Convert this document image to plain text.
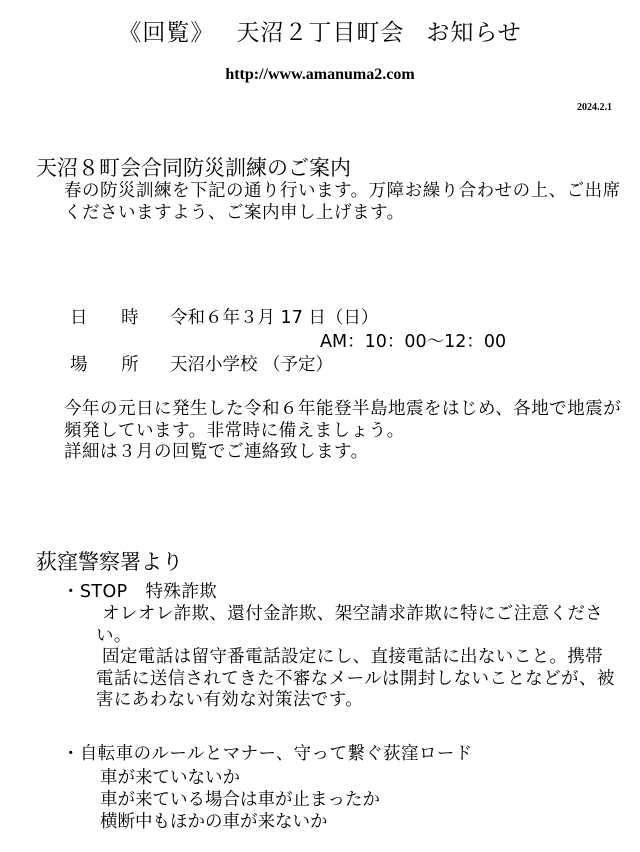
《回覧》 天沼２丁目町会 お知らせ
http://www.amanuma2.com
2024.2.1
天沼８町会合同防災訓練のご案内
春の防災訓練を下記の通り行います。万障お繰り合わせの上、ご出席くださいますよう、ご案内申し上げます。
日 時 令和６年３月 17 日（日）
AM：10：00～12：00
場 所 天沼小学校 （予定）
今年の元日に発生した令和６年能登半島地震をはじめ、各地で地震が頻発しています。非常時に備えましょう。
詳細は３月の回覧でご連絡致します。
荻窪警察署より
・STOP　特殊詐欺

オレオレ詐欺、還付金詐欺、架空請求詐欺に特にご注意ください。

固定電話は留守番電話設定にし、直接電話に出ないこと。携帯電話に送信されてきた不審なメールは開封しないことなどが、被害にあわない有効な対策法です。

・自転車のルールとマナー、守って繋ぐ荻窪ロード
車が来ていないか
車が来ている場合は車が止まったか
横断中もほかの車が来ないか
